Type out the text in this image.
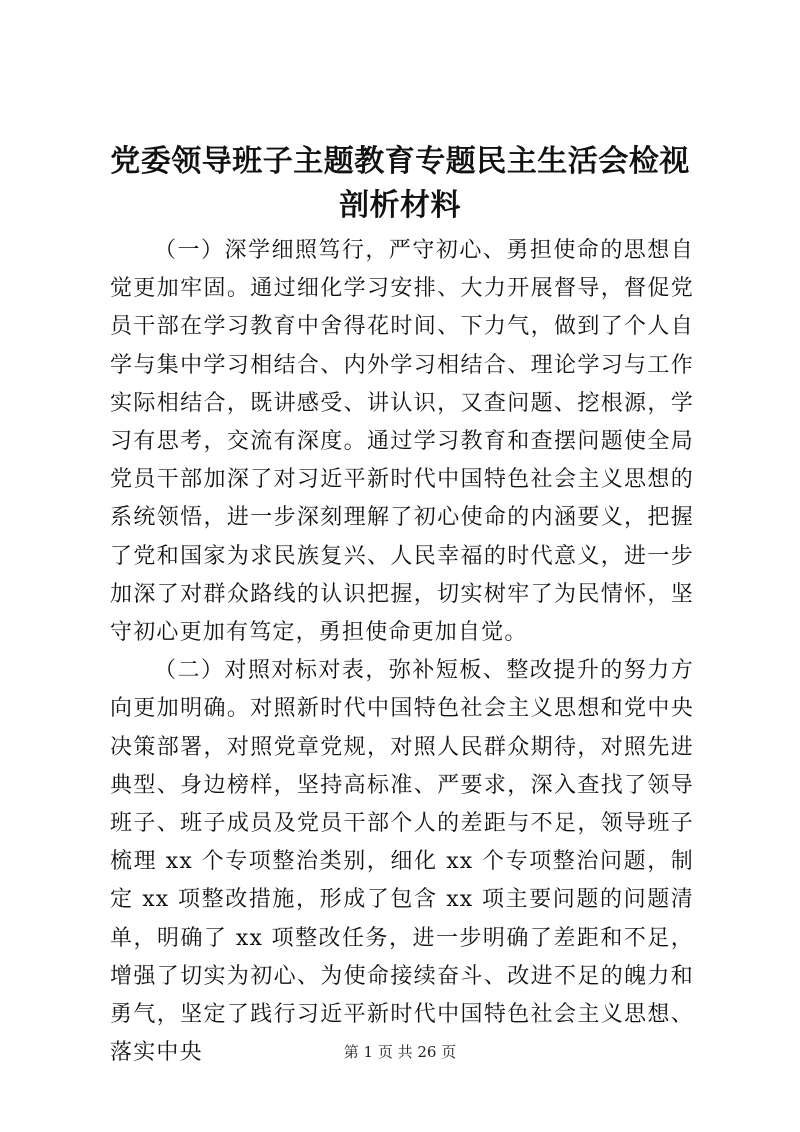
党委领导班子主题教育专题民主生活会检视剖析材料

（一）深学细照笃行，严守初心、勇担使命的思想自觉更加牢固。通过细化学习安排、大力开展督导，督促党员干部在学习教育中舍得花时间、下力气，做到了个人自学与集中学习相结合、内外学习相结合、理论学习与工作实际相结合，既讲感受、讲认识，又查问题、挖根源，学习有思考，交流有深度。通过学习教育和查摆问题使全局党员干部加深了对习近平新时代中国特色社会主义思想的系统领悟，进一步深刻理解了初心使命的内涵要义，把握了党和国家为求民族复兴、人民幸福的时代意义，进一步加深了对群众路线的认识把握，切实树牢了为民情怀，坚守初心更加有笃定，勇担使命更加自觉。

（二）对照对标对表，弥补短板、整改提升的努力方向更加明确。对照新时代中国特色社会主义思想和党中央决策部署，对照党章党规，对照人民群众期待，对照先进典型、身边榜样，坚持高标准、严要求，深入查找了领导班子、班子成员及党员干部个人的差距与不足，领导班子梳理 xx 个专项整治类别，细化 xx 个专项整治问题，制定 xx 项整改措施，形成了包含 xx 项主要问题的问题清单，明确了 xx 项整改任务，进一步明确了差距和不足，增强了切实为初心、为使命接续奋斗、改进不足的魄力和勇气，坚定了践行习近平新时代中国特色社会主义思想、落实中央	第 1 页 共 26 页
